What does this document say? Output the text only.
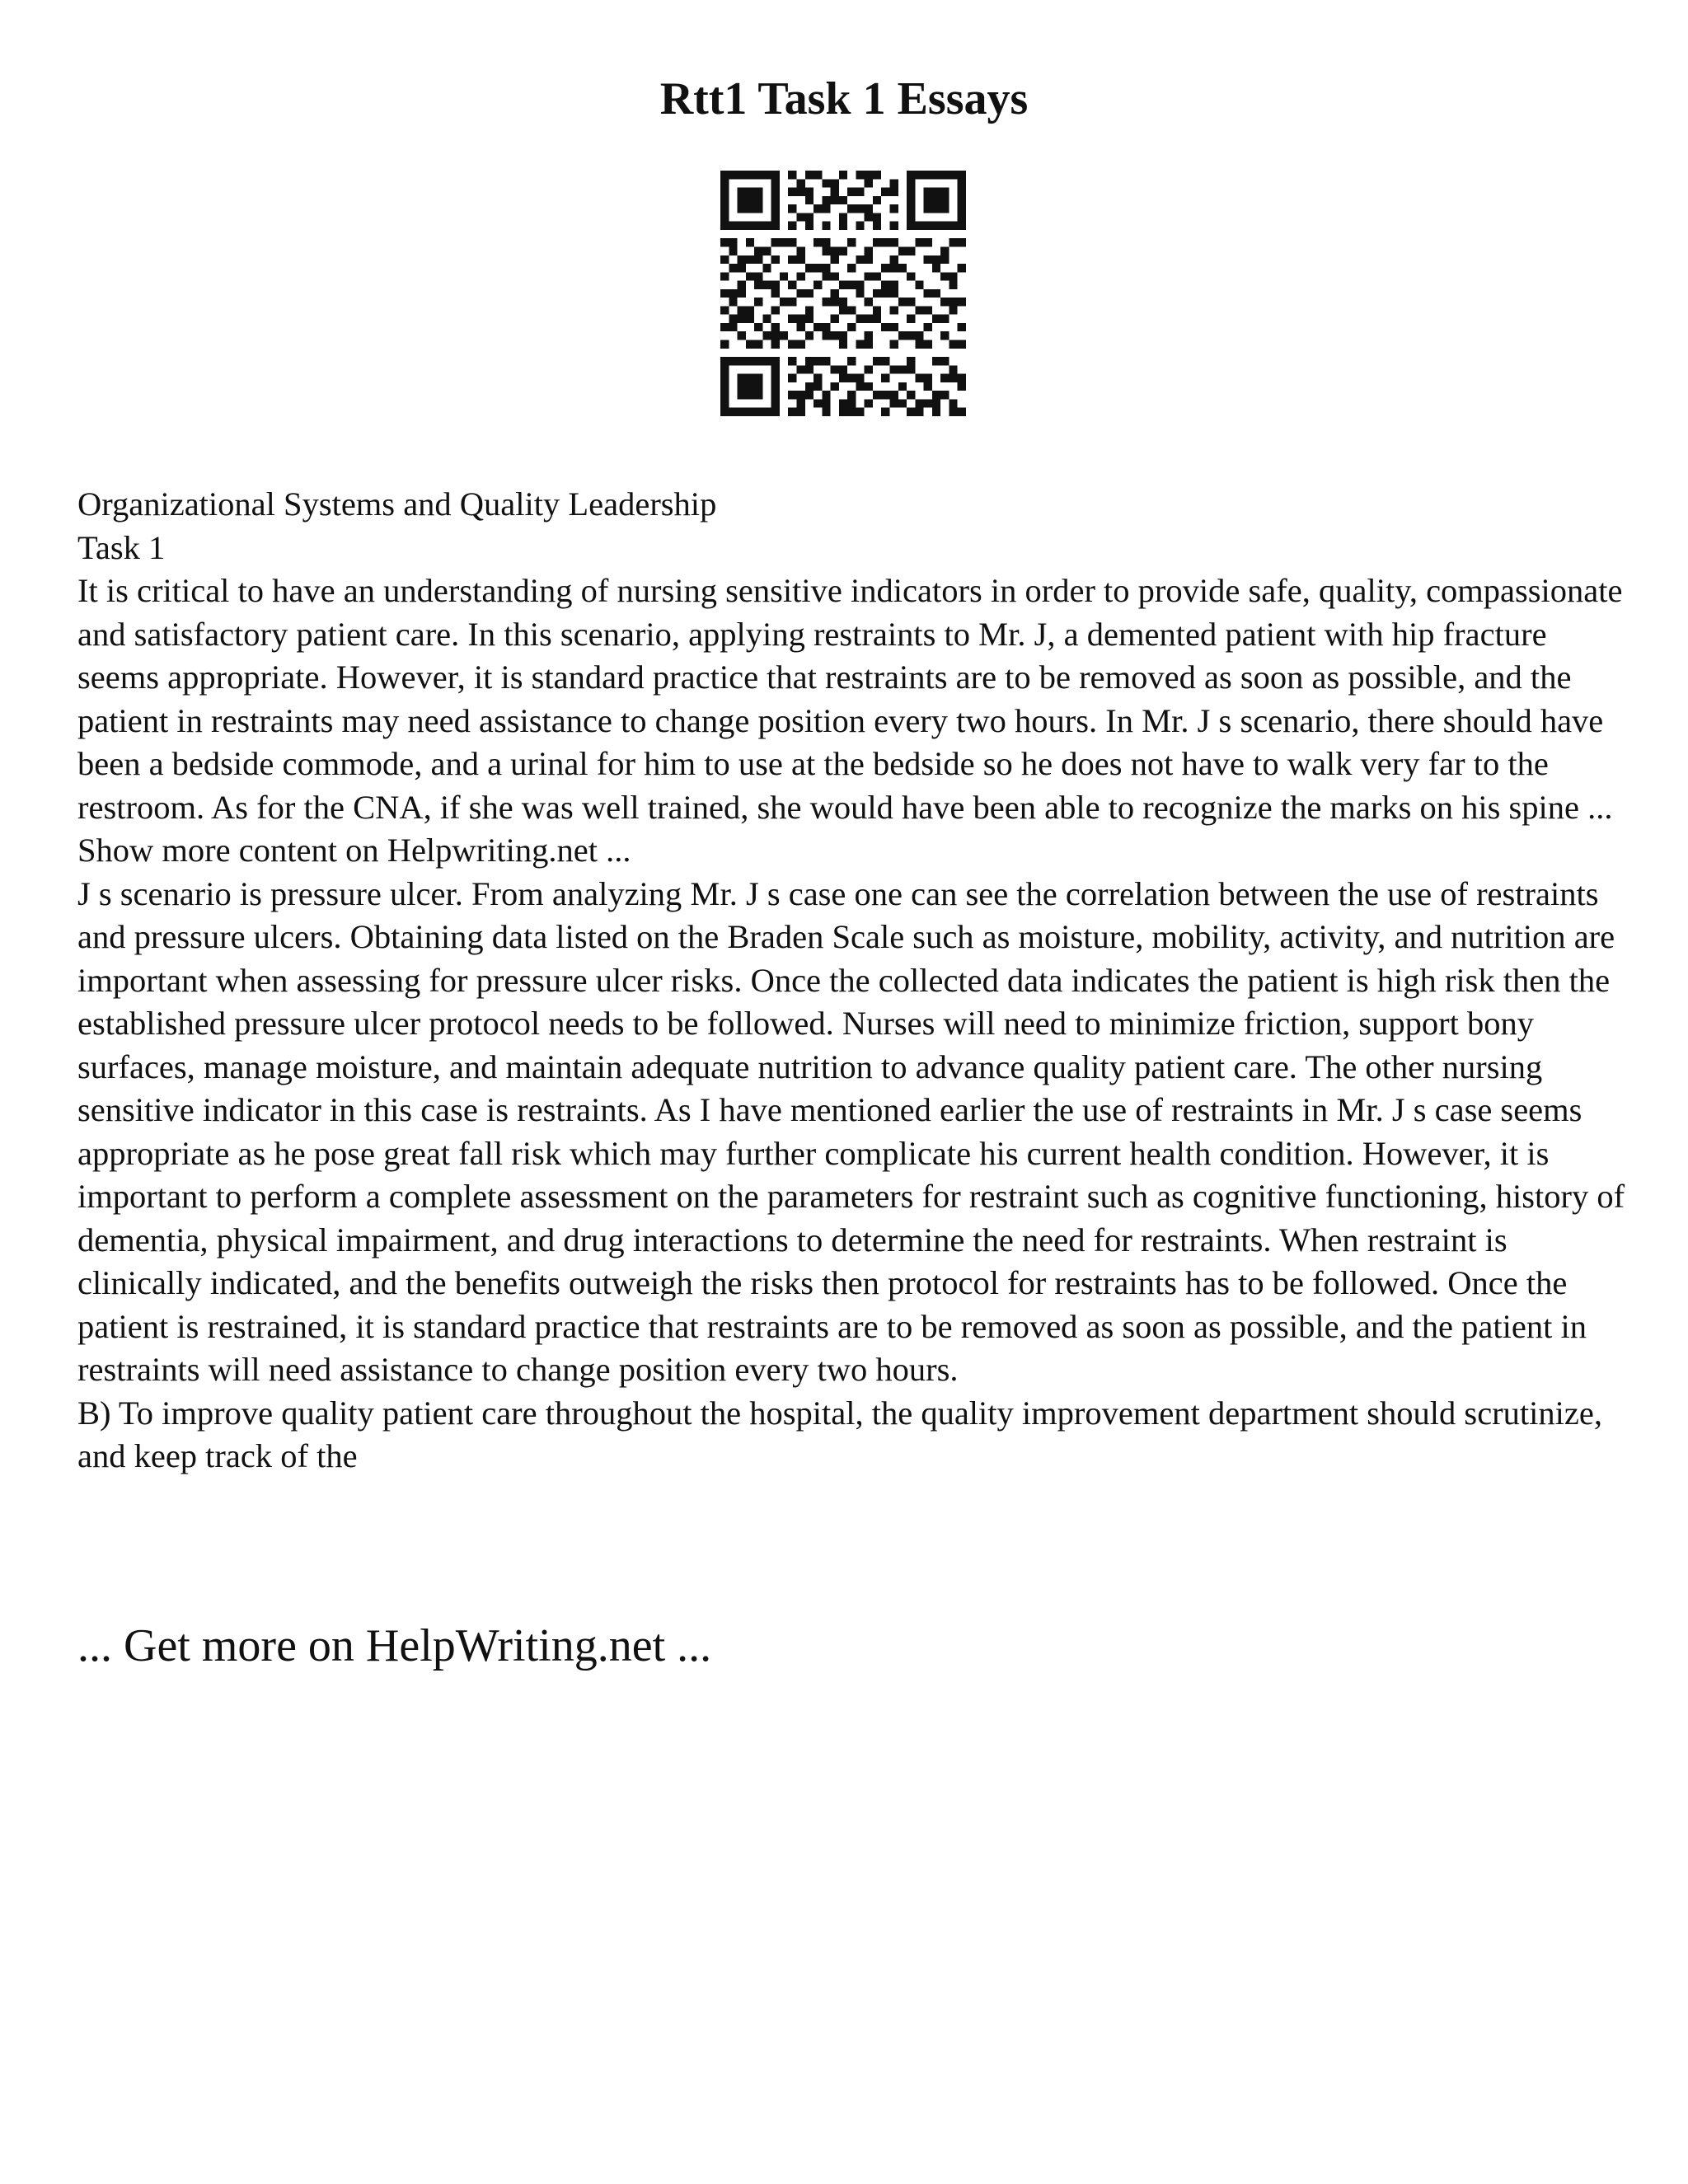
Rtt1 Task 1 Essays

Organizational Systems and Quality Leadership

Task 1

It is critical to have an understanding of nursing sensitive indicators in order to provide safe, quality, compassionate and satisfactory patient care. In this scenario, applying restraints to Mr. J, a demented patient with hip fracture seems appropriate. However, it is standard practice that restraints are to be removed as soon as possible, and the patient in restraints may need assistance to change position every two hours. In Mr. J s scenario, there should have been a bedside commode, and a urinal for him to use at the bedside so he does not have to walk very far to the restroom. As for the CNA, if she was well trained, she would have been able to recognize the marks on his spine ... Show more content on Helpwriting.net ...

J s scenario is pressure ulcer. From analyzing Mr. J s case one can see the correlation between the use of restraints and pressure ulcers. Obtaining data listed on the Braden Scale such as moisture, mobility, activity, and nutrition are important when assessing for pressure ulcer risks. Once the collected data indicates the patient is high risk then the established pressure ulcer protocol needs to be followed. Nurses will need to minimize friction, support bony surfaces, manage moisture, and maintain adequate nutrition to advance quality patient care. The other nursing sensitive indicator in this case is restraints. As I have mentioned earlier the use of restraints in Mr. J s case seems appropriate as he pose great fall risk which may further complicate his current health condition. However, it is important to perform a complete assessment on the parameters for restraint such as cognitive functioning, history of dementia, physical impairment, and drug interactions to determine the need for restraints. When restraint is clinically indicated, and the benefits outweigh the risks then protocol for restraints has to be followed. Once the patient is restrained, it is standard practice that restraints are to be removed as soon as possible, and the patient in restraints will need assistance to change position every two hours.

B) To improve quality patient care throughout the hospital, the quality improvement department should scrutinize, and keep track of the

... Get more on HelpWriting.net ...
